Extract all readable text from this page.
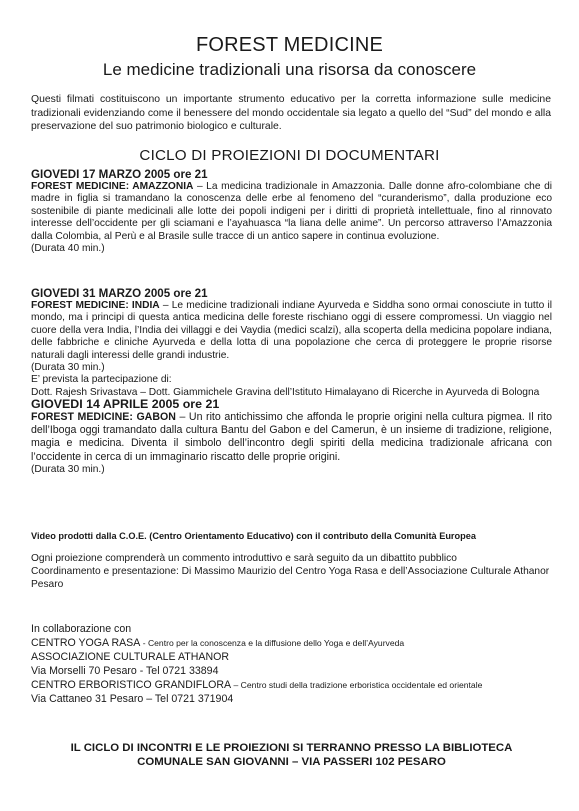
FOREST MEDICINE
Le medicine tradizionali una risorsa da conoscere

Questi filmati costituiscono un importante strumento educativo per la corretta informazione sulle medicine tradizionali evidenziando come il benessere del mondo occidentale sia legato a quello del “Sud” del mondo e alla preservazione del suo patrimonio biologico e culturale.

CICLO DI PROIEZIONI DI DOCUMENTARI

GIOVEDI 17 MARZO 2005 ore 21

FOREST MEDICINE: AMAZZONIA – La medicina tradizionale in Amazzonia. Dalle donne afro-colombiane che di madre in figlia si tramandano la conoscenza delle erbe al fenomeno del “curanderismo”, dalla produzione eco sostenibile di piante medicinali alle lotte dei popoli indigeni per i diritti di proprietà intellettuale, fino al rinnovato interesse dell’occidente per gli sciamani e l’ayahuasca “la liana delle anime”. Un percorso attraverso l’Amazzonia dalla Colombia, al Perù e al Brasile sulle tracce di un antico sapere in continua evoluzione.

(Durata 40 min.)

GIOVEDI 31 MARZO 2005 ore 21

FOREST MEDICINE: INDIA – Le medicine tradizionali indiane Ayurveda e Siddha sono ormai conosciute in tutto il mondo, ma i principi di questa antica medicina delle foreste rischiano oggi di essere compromessi. Un viaggio nel cuore della vera India, l’India dei villaggi e dei Vaydia (medici scalzi), alla scoperta della medicina popolare indiana, delle fabbriche e cliniche Ayurveda e della lotta di una popolazione che cerca di proteggere le proprie risorse naturali dagli interessi delle grandi industrie.

(Durata 30 min.)

E’ prevista la partecipazione di:

Dott. Rajesh Srivastava – Dott. Giammichele Gravina dell’Istituto Himalayano di Ricerche in Ayurveda di Bologna

GIOVEDI 14 APRILE 2005 ore 21

FOREST MEDICINE: GABON – Un rito antichissimo che affonda le proprie origini nella cultura pigmea. Il rito dell’Iboga oggi tramandato dalla cultura Bantu del Gabon e del Camerun, è un insieme di tradizione, religione, magia e medicina. Diventa il simbolo dell’incontro degli spiriti della medicina tradizionale africana con l’occidente in cerca di un immaginario riscatto delle proprie origini.

(Durata 30 min.)

Video prodotti dalla C.O.E. (Centro Orientamento Educativo) con il contributo della Comunità Europea

Ogni proiezione comprenderà un commento introduttivo e sarà seguito da un dibattito pubblico

Coordinamento e presentazione: Di Massimo Maurizio del Centro Yoga Rasa e dell’Associazione Culturale Athanor Pesaro

In collaborazione con

CENTRO YOGA RASA - Centro per la conoscenza e la diffusione dello Yoga e dell’Ayurveda

ASSOCIAZIONE CULTURALE ATHANOR

Via Morselli 70 Pesaro - Tel 0721 33894

CENTRO ERBORISTICO GRANDIFLORA – Centro studi della tradizione erboristica occidentale ed orientale

Via Cattaneo 31 Pesaro – Tel 0721 371904

IL CICLO DI INCONTRI E LE PROIEZIONI SI TERRANNO PRESSO LA BIBLIOTECA
COMUNALE SAN GIOVANNI – VIA PASSERI 102 PESARO
